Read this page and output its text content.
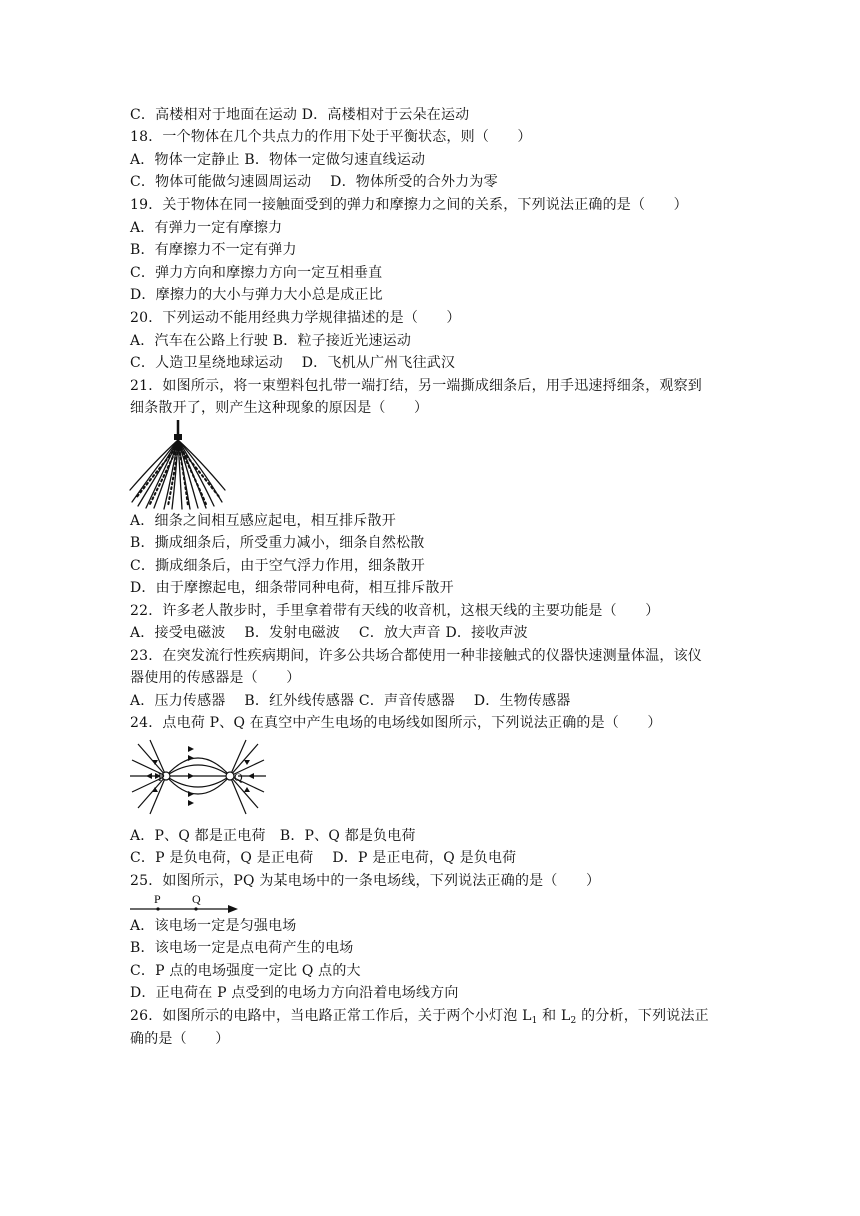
C．高楼相对于地面在运动 D．高楼相对于云朵在运动
18．一个物体在几个共点力的作用下处于平衡状态，则（　　）
A．物体一定静止 B．物体一定做匀速直线运动
C．物体可能做匀速圆周运动　 D．物体所受的合外力为零
19．关于物体在同一接触面受到的弹力和摩擦力之间的关系，下列说法正确的是（　　）
A．有弹力一定有摩擦力
B．有摩擦力不一定有弹力
C．弹力方向和摩擦力方向一定互相垂直
D．摩擦力的大小与弹力大小总是成正比
20．下列运动不能用经典力学规律描述的是（　　）
A．汽车在公路上行驶 B．粒子接近光速运动
C．人造卫星绕地球运动　 D．飞机从广州飞往武汉
21．如图所示，将一束塑料包扎带一端打结，另一端撕成细条后，用手迅速捋细条，观察到
细条散开了，则产生这种现象的原因是（　　）
A．细条之间相互感应起电，相互排斥散开
B．撕成细条后，所受重力减小，细条自然松散
C．撕成细条后，由于空气浮力作用，细条散开
D．由于摩擦起电，细条带同种电荷，相互排斥散开
22．许多老人散步时，手里拿着带有天线的收音机，这根天线的主要功能是（　　）
A．接受电磁波　 B．发射电磁波　 C．放大声音 D．接收声波
23．在突发流行性疾病期间，许多公共场合都使用一种非接触式的仪器快速测量体温，该仪
器使用的传感器是（　　）
A．压力传感器　 B．红外线传感器 C．声音传感器　 D．生物传感器
24．点电荷 P、Q 在真空中产生电场的电场线如图所示，下列说法正确的是（　　）
P	Q
A．P、Q 都是正电荷　B．P、Q 都是负电荷
C．P 是负电荷，Q 是正电荷　 D．P 是正电荷，Q 是负电荷
25．如图所示，PQ 为某电场中的一条电场线，下列说法正确的是（　　）
P	Q
A．该电场一定是匀强电场
B．该电场一定是点电荷产生的电场
C．P 点的电场强度一定比 Q 点的大
D．正电荷在 P 点受到的电场力方向沿着电场线方向
26．如图所示的电路中，当电路正常工作后，关于两个小灯泡 $L_1$ 和 $L_2$ 的分析，下列说法正
确的是（　　）
